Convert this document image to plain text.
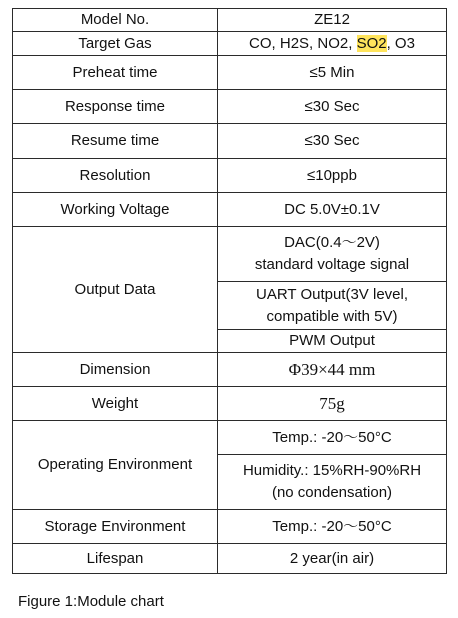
Model No.	ZE12
Target Gas	CO, H2S, NO2, SO2, O3
Preheat time	≤5 Min
Response time	≤30 Sec
Resume time	≤30 Sec
Resolution	≤10ppb
Working Voltage	DC 5.0V±0.1V
Output Data	DAC(0.4～2V)
standard voltage signal

	UART Output(3V level,
compatible with 5V)

	PWM Output
Dimension	Φ39×44 mm
Weight	75g
Operating Environment	Temp.: -20～50°C

	Humidity.: 15%RH-90%RH
(no condensation)

Storage Environment	Temp.: -20～50°C
Lifespan	2 year(in air)
Figure 1:Module chart
